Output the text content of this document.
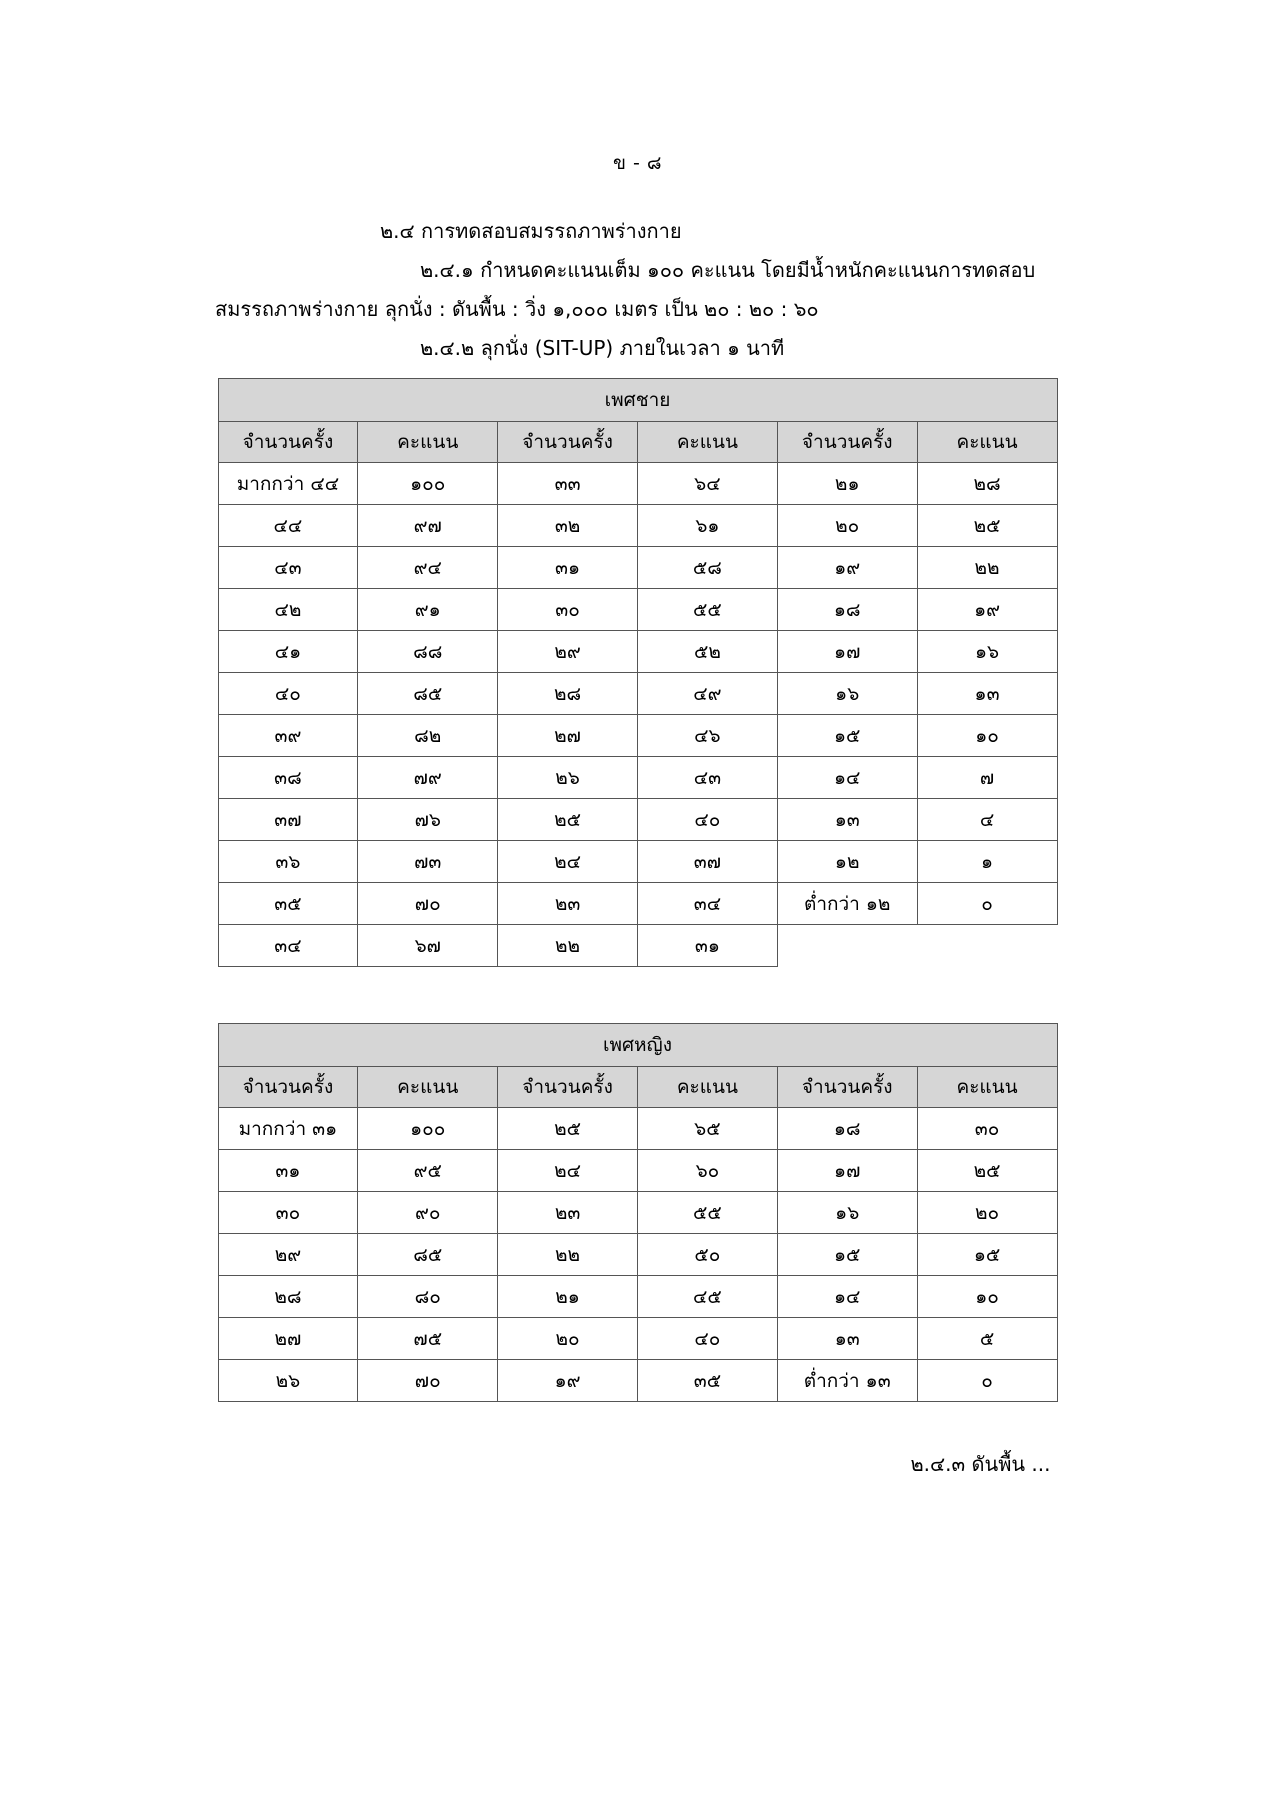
ข - ๘
๒.๔ การทดสอบสมรรถภาพร่างกาย
๒.๔.๑ กำหนดคะแนนเต็ม ๑๐๐ คะแนน โดยมีน้ำหนักคะแนนการทดสอบ
สมรรถภาพร่างกาย ลุกนั่ง : ดันพื้น : วิ่ง ๑,๐๐๐ เมตร เป็น ๒๐ : ๒๐ : ๖๐
๒.๔.๒ ลุกนั่ง (SIT-UP) ภายในเวลา ๑ นาที
เพศชาย					
จำนวนครั้ง	คะแนน	จำนวนครั้ง	คะแนน	จำนวนครั้ง	คะแนน
มากกว่า ๔๔	๑๐๐	๓๓	๖๔	๒๑	๒๘
๔๔	๙๗	๓๒	๖๑	๒๐	๒๕
๔๓	๙๔	๓๑	๕๘	๑๙	๒๒
๔๒	๙๑	๓๐	๕๕	๑๘	๑๙
๔๑	๘๘	๒๙	๕๒	๑๗	๑๖
๔๐	๘๕	๒๘	๔๙	๑๖	๑๓
๓๙	๘๒	๒๗	๔๖	๑๕	๑๐
๓๘	๗๙	๒๖	๔๓	๑๔	๗
๓๗	๗๖	๒๕	๔๐	๑๓	๔
๓๖	๗๓	๒๔	๓๗	๑๒	๑
๓๕	๗๐	๒๓	๓๔	ต่ำกว่า ๑๒	๐
๓๔	๖๗	๒๒	๓๑		
เพศหญิง					
จำนวนครั้ง	คะแนน	จำนวนครั้ง	คะแนน	จำนวนครั้ง	คะแนน
มากกว่า ๓๑	๑๐๐	๒๕	๖๕	๑๘	๓๐
๓๑	๙๕	๒๔	๖๐	๑๗	๒๕
๓๐	๙๐	๒๓	๕๕	๑๖	๒๐
๒๙	๘๕	๒๒	๕๐	๑๕	๑๕
๒๘	๘๐	๒๑	๔๕	๑๔	๑๐
๒๗	๗๕	๒๐	๔๐	๑๓	๕
๒๖	๗๐	๑๙	๓๕	ต่ำกว่า ๑๓	๐
๒.๔.๓ ดันพื้น ...
